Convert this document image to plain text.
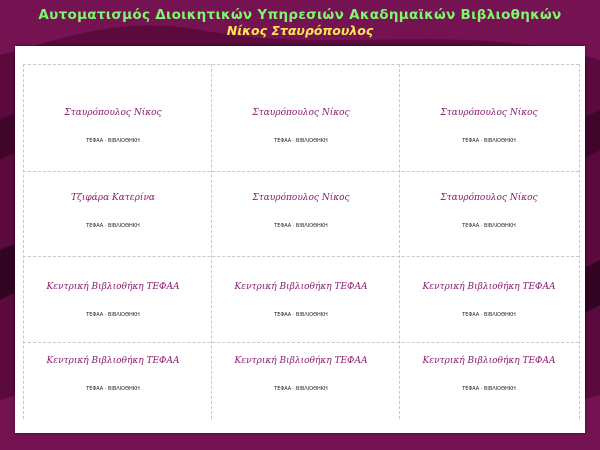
Αυτοματισμός Διοικητικών Υπηρεσιών Ακαδημαϊκών Βιβλιοθηκών
Νίκος Σταυρόπουλος
Σταυρόπουλος Νίκος
ΤΕΦΑΑ · ΒΙΒΛΙΟΘΗΚΗ
Σταυρόπουλος Νίκος
ΤΕΦΑΑ · ΒΙΒΛΙΟΘΗΚΗ
Σταυρόπουλος Νίκος
ΤΕΦΑΑ · ΒΙΒΛΙΟΘΗΚΗ
Τζιφάρα Κατερίνα
ΤΕΦΑΑ · ΒΙΒΛΙΟΘΗΚΗ
Σταυρόπουλος Νίκος
ΤΕΦΑΑ · ΒΙΒΛΙΟΘΗΚΗ
Σταυρόπουλος Νίκος
ΤΕΦΑΑ · ΒΙΒΛΙΟΘΗΚΗ
Κεντρική Βιβλιοθήκη ΤΕΦΑΑ
ΤΕΦΑΑ · ΒΙΒΛΙΟΘΗΚΗ
Κεντρική Βιβλιοθήκη ΤΕΦΑΑ
ΤΕΦΑΑ · ΒΙΒΛΙΟΘΗΚΗ
Κεντρική Βιβλιοθήκη ΤΕΦΑΑ
ΤΕΦΑΑ · ΒΙΒΛΙΟΘΗΚΗ
Κεντρική Βιβλιοθήκη ΤΕΦΑΑ
ΤΕΦΑΑ · ΒΙΒΛΙΟΘΗΚΗ
Κεντρική Βιβλιοθήκη ΤΕΦΑΑ
ΤΕΦΑΑ · ΒΙΒΛΙΟΘΗΚΗ
Κεντρική Βιβλιοθήκη ΤΕΦΑΑ
ΤΕΦΑΑ · ΒΙΒΛΙΟΘΗΚΗ
